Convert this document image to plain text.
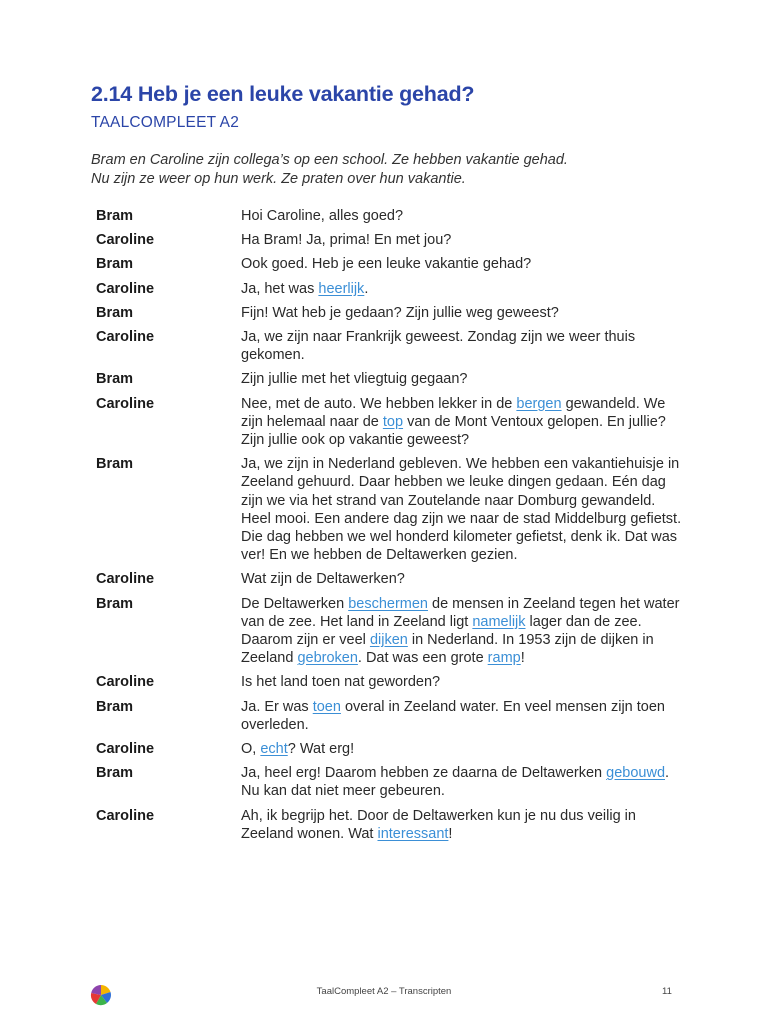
2.14 Heb je een leuke vakantie gehad?
TAALCOMPLEET A2

Bram en Caroline zijn collega’s op een school. Ze hebben vakantie gehad.

Nu zijn ze weer op hun werk. Ze praten over hun vakantie.

Bram	Hoi Caroline, alles goed?
Caroline	Ha Bram! Ja, prima! En met jou?
Bram	Ook goed. Heb je een leuke vakantie gehad?
Caroline	Ja, het was heerlijk.
Bram	Fijn! Wat heb je gedaan? Zijn jullie weg geweest?
Caroline	Ja, we zijn naar Frankrijk geweest. Zondag zijn we weer thuis gekomen.
Bram	Zijn jullie met het vliegtuig gegaan?
Caroline	Nee, met de auto. We hebben lekker in de bergen gewandeld. We zijn helemaal naar de top van de Mont Ventoux gelopen. En jullie? Zijn jullie ook op vakantie geweest?
Bram	Ja, we zijn in Nederland gebleven. We hebben een vakantiehuisje in Zeeland gehuurd. Daar hebben we leuke dingen gedaan. Eén dag zijn we via het strand van Zoutelande naar Domburg gewandeld. Heel mooi. Een andere dag zijn we naar de stad Middelburg gefietst. Die dag hebben we wel honderd kilometer gefietst, denk ik. Dat was ver! En we hebben de Deltawerken gezien.
Caroline	Wat zijn de Deltawerken?
Bram	De Deltawerken beschermen de mensen in Zeeland tegen het water van de zee. Het land in Zeeland ligt namelijk lager dan de zee. Daarom zijn er veel dijken in Nederland. In 1953 zijn de dijken in Zeeland gebroken. Dat was een grote ramp!
Caroline	Is het land toen nat geworden?
Bram	Ja. Er was toen overal in Zeeland water. En veel mensen zijn toen overleden.
Caroline	O, echt? Wat erg!
Bram	Ja, heel erg! Daarom hebben ze daarna de Deltawerken gebouwd. Nu kan dat niet meer gebeuren.
Caroline	Ah, ik begrijp het. Door de Deltawerken kun je nu dus veilig in Zeeland wonen. Wat interessant!
TaalCompleet A2 – Transcripten	11
